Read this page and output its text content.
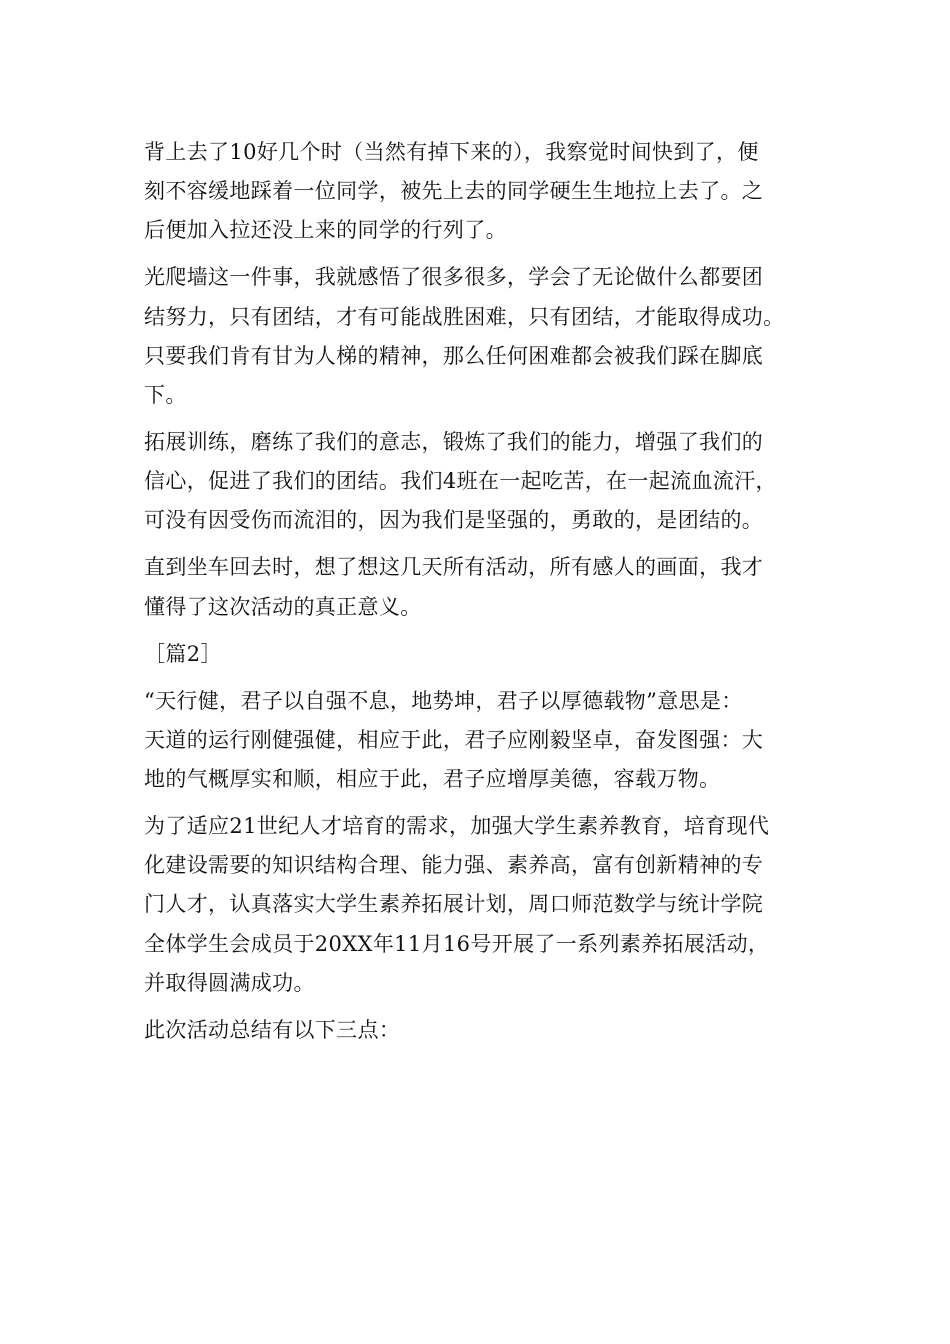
背上去了10好几个时（当然有掉下来的），我察觉时间快到了，便
刻不容缓地踩着一位同学，被先上去的同学硬生生地拉上去了。之
后便加入拉还没上来的同学的行列了。

光爬墙这一件事，我就感悟了很多很多，学会了无论做什么都要团
结努力，只有团结，才有可能战胜困难，只有团结，才能取得成功。
只要我们肯有甘为人梯的精神，那么任何困难都会被我们踩在脚底
下。

拓展训练，磨练了我们的意志，锻炼了我们的能力，增强了我们的
信心，促进了我们的团结。我们4班在一起吃苦，在一起流血流汗，
可没有因受伤而流泪的，因为我们是坚强的，勇敢的，是团结的。

直到坐车回去时，想了想这几天所有活动，所有感人的画面，我才
懂得了这次活动的真正意义。

［篇2］

“天行健，君子以自强不息，地势坤，君子以厚德载物”意思是：
天道的运行刚健强健，相应于此，君子应刚毅坚卓，奋发图强：大
地的气概厚实和顺，相应于此，君子应增厚美德，容载万物。

为了适应21世纪人才培育的需求，加强大学生素养教育，培育现代
化建设需要的知识结构合理、能力强、素养高，富有创新精神的专
门人才，认真落实大学生素养拓展计划，周口师范数学与统计学院
全体学生会成员于20XX年11月16号开展了一系列素养拓展活动，
并取得圆满成功。

此次活动总结有以下三点：
